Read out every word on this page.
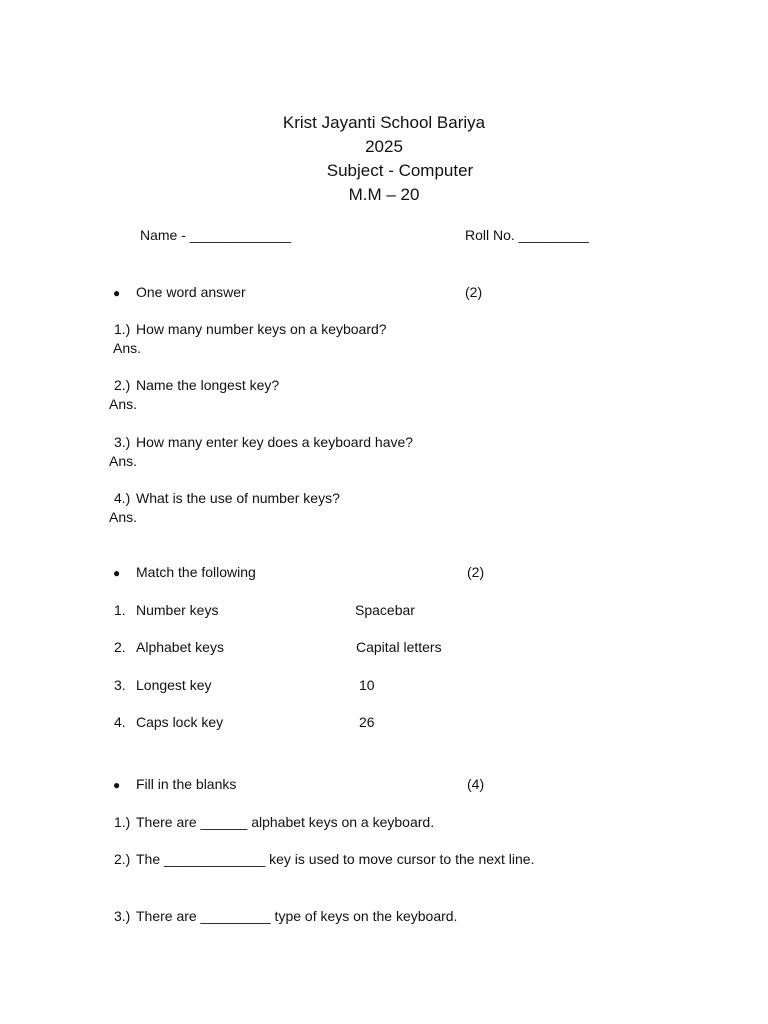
Krist Jayanti School Bariya
2025
Subject - Computer
M.M – 20
Name - _____________	Roll No. _________
● One word answer	(2)
1.) How many number keys on a keyboard?
Ans.
2.) Name the longest key?
Ans.
3.) How many enter key does a keyboard have?
Ans.
4.) What is the use of number keys?
Ans.
● Match the following	(2)
1. Number keys	Spacebar
2. Alphabet keys	Capital letters
3. Longest key	10
4. Caps lock key	26
● Fill in the blanks	(4)
1.) There are ______ alphabet keys on a keyboard.
2.) The _____________ key is used to move cursor to the next line.
3.) There are _________ type of keys on the keyboard.
